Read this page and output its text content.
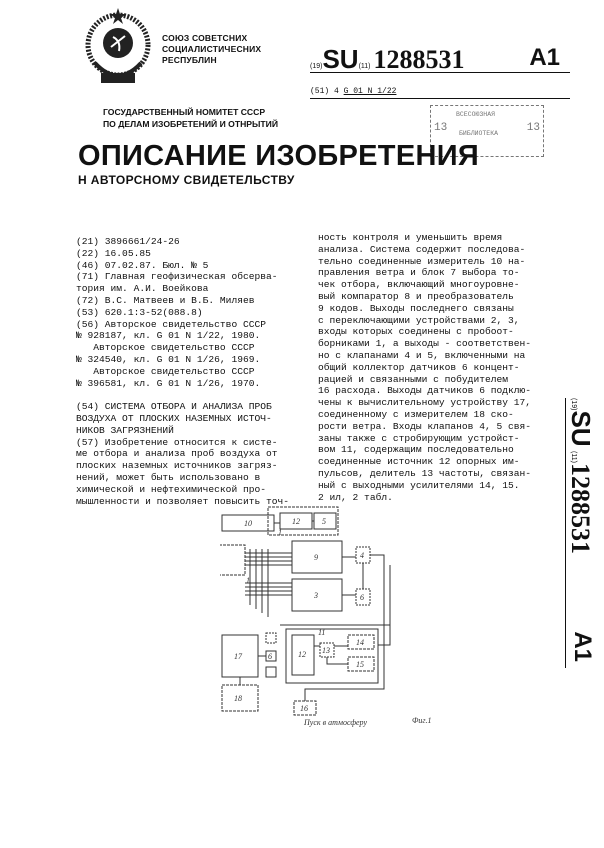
СОЮЗ СОВЕТСНИХ
СОЦИАЛИСТИЧЕСНИХ
РЕСПУБЛИН
ГОСУДАРСТВЕННЫЙ НОМИТЕТ СССР
ПО ДЕЛАМ ИЗОБРЕТЕНИЙ И ОТНРЫТИЙ
(19)SU(11) 1288531	A1
(51) 4 G 01 N 1/22
ВСЕСОЮЗНАЯ
13 БИБЛИОТЕКА	13
ОПИСАНИЕ ИЗОБРЕТЕНИЯ
Н АВТОРСНОМУ СВИДЕТЕЛЬСТВУ
(21) 3896661/24-26
(22) 16.05.85
(46) 07.02.87. Бюл. № 5
(71) Главная геофизическая обсерва-
тория им. А.И. Воейкова
(72) В.С. Матвеев и В.Б. Миляев
(53) 620.1:3-52(088.8)
(56) Авторское свидетельство СССР
№ 928187, кл. G 01 N 1/22, 1980.
Авторское свидетельство СССР
№ 324540, кл. G 01 N 1/26, 1969.
Авторское свидетельство СССР
№ 396581, кл. G 01 N 1/26, 1970.
(54) СИСТЕМА ОТБОРА И АНАЛИЗА ПРОБ
ВОЗДУХА ОТ ПЛОСКИХ НАЗЕМНЫХ ИСТОЧ-
НИКОВ ЗАГРЯЗНЕНИЙ
(57) Изобретение относится к систе-
ме отбора и анализа проб воздуха от
плоских наземных источников загряз-
нений, может быть использовано в
химической и нефтехимической про-
мышленности и позволяет повысить точ-
ность контроля и уменьшить время
анализа. Система содержит последова-
тельно соединенные измеритель 10 на-
правления ветра и блок 7 выбора то-
чек отбора, включающий многоуровне-
вый компаратор 8 и преобразователь
9 кодов. Выходы последнего связаны
с переключающими устройствами 2, 3,
входы которых соединены с пробоот-
борниками 1, а выходы - соответствен-
но с клапанами 4 и 5, включенными на
общий коллектор датчиков 6 концент-
рацией и связанными с побудителем
16 расхода. Выходы датчиков 6 подклю-
чены к вычислительному устройству 17,
соединенному с измерителем 18 ско-
рости ветра. Входы клапанов 4, 5 свя-
заны также с стробирующим устройст-
вом 11, содержащим последовательно
соединенные источник 12 опорных им-
пульсов, делитель 13 частоты, связан-
ный с выходными усилителями 14, 15.
2 ил, 2 табл.
(19)SU (11)1288531
A1
10	12	5
9
3
4
6
11
12 13
14
15
17
18
16
1
1
6
Пуск в атмосферу	Фиг.1
